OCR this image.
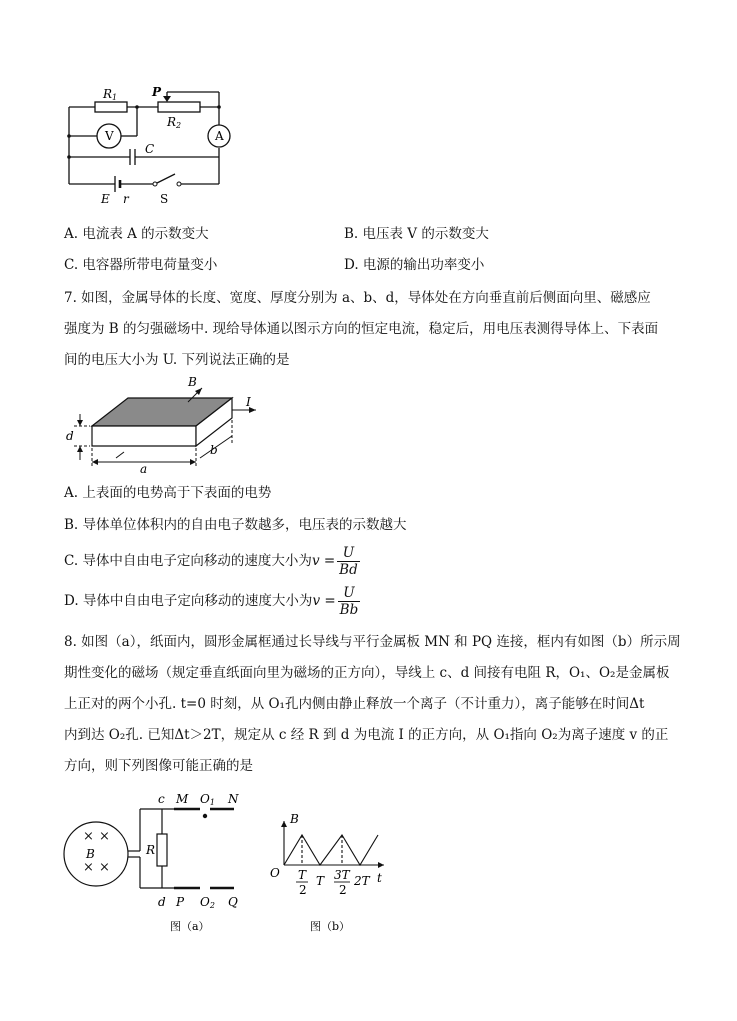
R1	P
R2
V	A
C
E r	S
A. 电流表 A 的示数变大	B. 电压表 V 的示数变大
C. 电容器所带电荷量变小	D. 电源的输出功率变小
7. 如图，金属导体的长度、宽度、厚度分别为 a、b、d，导体处在方向垂直前后侧面向里、磁感应
强度为 B 的匀强磁场中. 现给导体通以图示方向的恒定电流，稳定后，用电压表测得导体上、下表面
间的电压大小为 U. 下列说法正确的是
B
I
d
a
b
A. 上表面的电势高于下表面的电势
B. 导体单位体积内的自由电子数越多，电压表的示数越大
C. 导体中自由电子定向移动的速度大小为$v = \frac{U}{Bd}$
D. 导体中自由电子定向移动的速度大小为$v = \frac{U}{Bb}$
8. 如图（a），纸面内，圆形金属框通过长导线与平行金属板 MN 和 PQ 连接，框内有如图（b）所示周
期性变化的磁场（规定垂直纸面向里为磁场的正方向），导线上 c、d 间接有电阻 R，O₁、O₂是金属板
上正对的两个小孔. t=0 时刻，从 O₁孔内侧由静止释放一个离子（不计重力），离子能够在时间Δt
内到达 O₂孔. 已知Δt＞2T，规定从 c 经 R 到 d 为电流 I 的正方向，从 O₁指向 O₂为离子速度 v 的正
方向，则下列图像可能正确的是
× ×
× ×
B	R
c M O1 N
d P O2 Q
图（a）
B
O	t
T
2
T 3T
2
2T
图（b）
